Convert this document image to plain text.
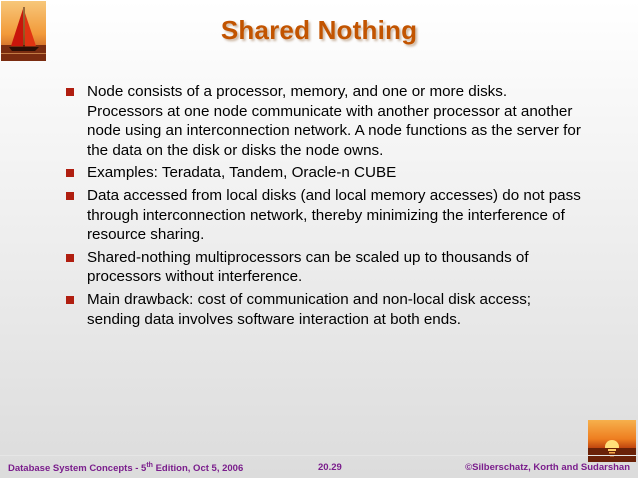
Shared Nothing
Node consists of a processor, memory, and one or more disks. Processors at one node communicate with another processor at another node using an interconnection network. A node functions as the server for the data on the disk or disks the node owns.
Examples: Teradata, Tandem, Oracle-n CUBE
Data accessed from local disks (and local memory accesses) do not pass through interconnection network, thereby minimizing the interference of resource sharing.
Shared-nothing multiprocessors can be scaled up to thousands of processors without interference.
Main drawback: cost of communication and non-local disk access; sending data involves software interaction at both ends.
Database System Concepts - 5th Edition, Oct 5, 2006	20.29	©Silberschatz, Korth and Sudarshan
